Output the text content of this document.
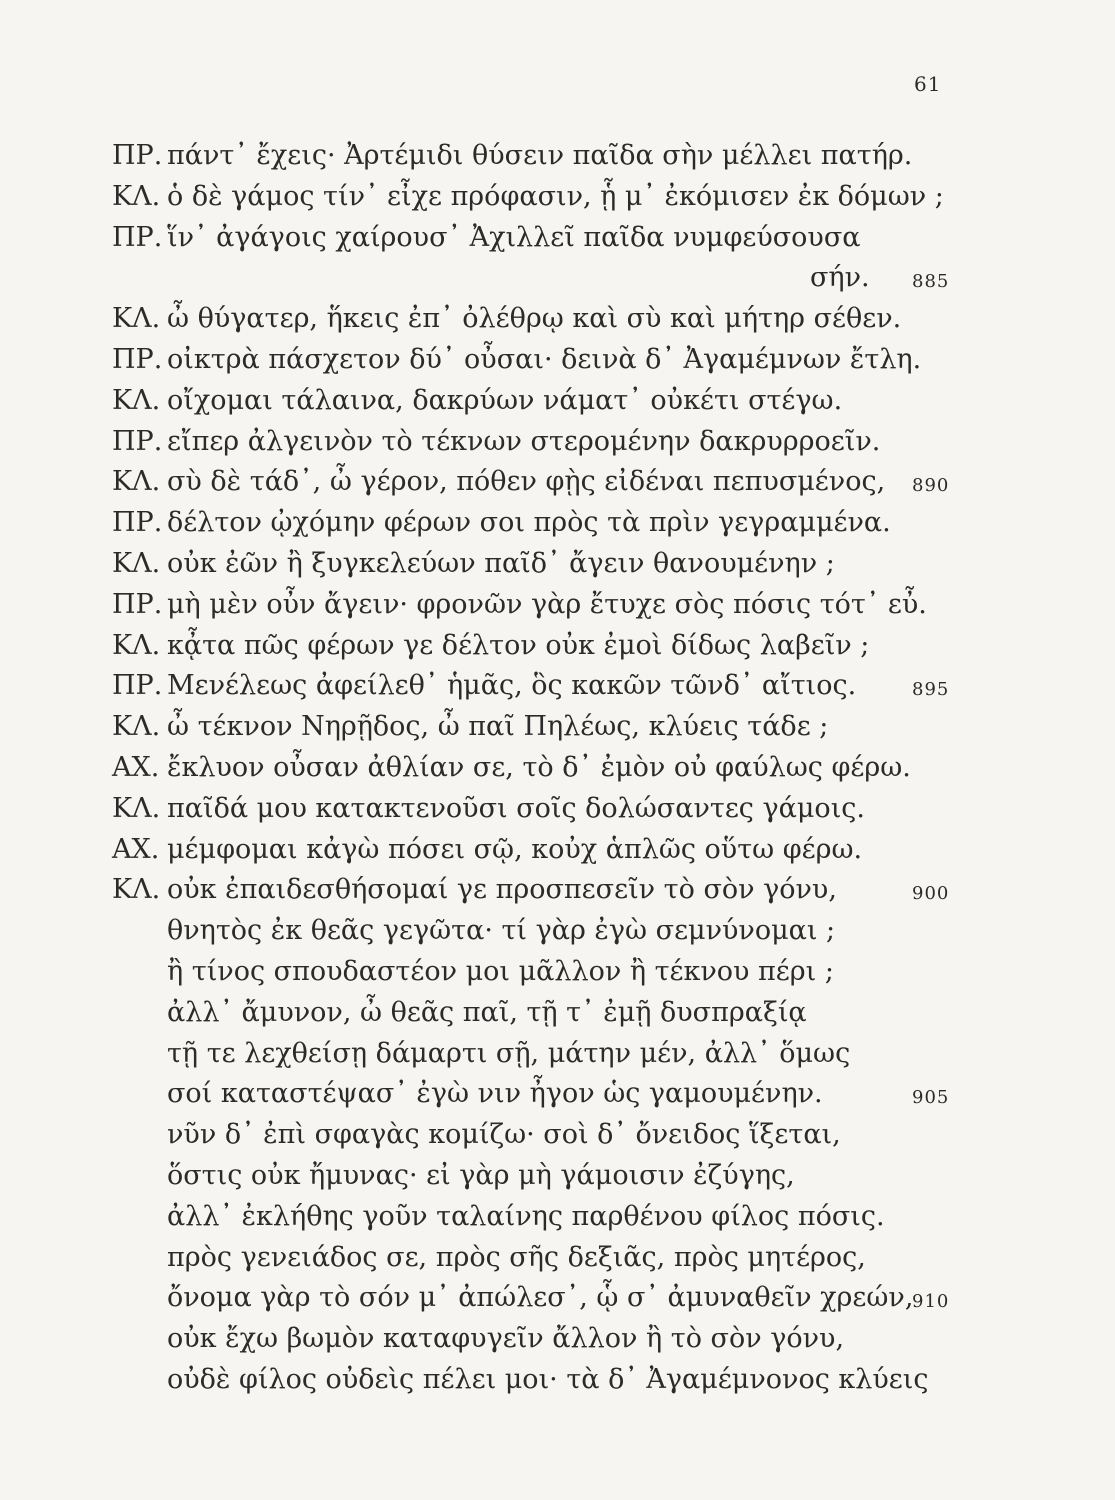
61
ΠΡ. πάντ᾽ ἔχεις· Ἀρτέμιδι θύσειν παῖδα σὴν μέλλει πατήρ.
ΚΛ. ὁ δὲ γάμος τίν᾽ εἶχε πρόφασιν, ᾗ μ᾽ ἐκόμισεν ἐκ δόμων ;
ΠΡ. ἵν᾽ ἀγάγοις χαίρουσ᾽ Ἀχιλλεῖ παῖδα νυμφεύσουσα
σήν. 885
ΚΛ. ὦ θύγατερ, ἥκεις ἐπ᾽ ὀλέθρῳ καὶ σὺ καὶ μήτηρ σέθεν.
ΠΡ. οἰκτρὰ πάσχετον δύ᾽ οὖσαι· δεινὰ δ᾽ Ἀγαμέμνων ἔτλη.
ΚΛ. οἴχομαι τάλαινα, δακρύων νάματ᾽ οὐκέτι στέγω.
ΠΡ. εἴπερ ἀλγεινὸν τὸ τέκνων στερομένην δακρυρροεῖν.
ΚΛ. σὺ δὲ τάδ᾽, ὦ γέρον, πόθεν φῂς εἰδέναι πεπυσμένος, 890
ΠΡ. δέλτον ᾠχόμην φέρων σοι πρὸς τὰ πρὶν γεγραμμένα.
ΚΛ. οὐκ ἐῶν ἢ ξυγκελεύων παῖδ᾽ ἄγειν θανουμένην ;
ΠΡ. μὴ μὲν οὖν ἄγειν· φρονῶν γὰρ ἔτυχε σὸς πόσις τότ᾽ εὖ.
ΚΛ. κᾆτα πῶς φέρων γε δέλτον οὐκ ἐμοὶ δίδως λαβεῖν ;
ΠΡ. Μενέλεως ἀφείλεθ᾽ ἡμᾶς, ὃς κακῶν τῶνδ᾽ αἴτιος.	895
ΚΛ. ὦ τέκνον Νηρῇδος, ὦ παῖ Πηλέως, κλύεις τάδε ;
ΑΧ. ἔκλυον οὖσαν ἀθλίαν σε, τὸ δ᾽ ἐμὸν οὐ φαύλως φέρω.
ΚΛ. παῖδά μου κατακτενοῦσι σοῖς δολώσαντες γάμοις.
ΑΧ. μέμφομαι κἀγὼ πόσει σῷ, κοὐχ ἁπλῶς οὕτω φέρω.
ΚΛ. οὐκ ἐπαιδεσθήσομαί γε προσπεσεῖν τὸ σὸν γόνυ,	900
θνητὸς ἐκ θεᾶς γεγῶτα· τί γὰρ ἐγὼ σεμνύνομαι ;
ἢ τίνος σπουδαστέον μοι μᾶλλον ἢ τέκνου πέρι ;
ἀλλ᾽ ἄμυνον, ὦ θεᾶς παῖ, τῇ τ᾽ ἐμῇ δυσπραξίᾳ
τῇ τε λεχθείσῃ δάμαρτι σῇ, μάτην μέν, ἀλλ᾽ ὅμως
σοί καταστέψασ᾽ ἐγὼ νιν ἦγον ὡς γαμουμένην.	905
νῦν δ᾽ ἐπὶ σφαγὰς κομίζω· σοὶ δ᾽ ὄνειδος ἵξεται,
ὅστις οὐκ ἤμυνας· εἰ γὰρ μὴ γάμοισιν ἐζύγης,
ἀλλ᾽ ἐκλήθης γοῦν ταλαίνης παρθένου φίλος πόσις.
πρὸς γενειάδος σε, πρὸς σῆς δεξιᾶς, πρὸς μητέρος,
ὄνομα γὰρ τὸ σόν μ᾽ ἀπώλεσ᾽, ᾧ σ᾽ ἀμυναθεῖν χρεών,
910
οὐκ ἔχω βωμὸν καταφυγεῖν ἄλλον ἢ τὸ σὸν γόνυ,
οὐδὲ φίλος οὐδεὶς πέλει μοι· τὰ δ᾽ Ἀγαμέμνονος κλύεις
